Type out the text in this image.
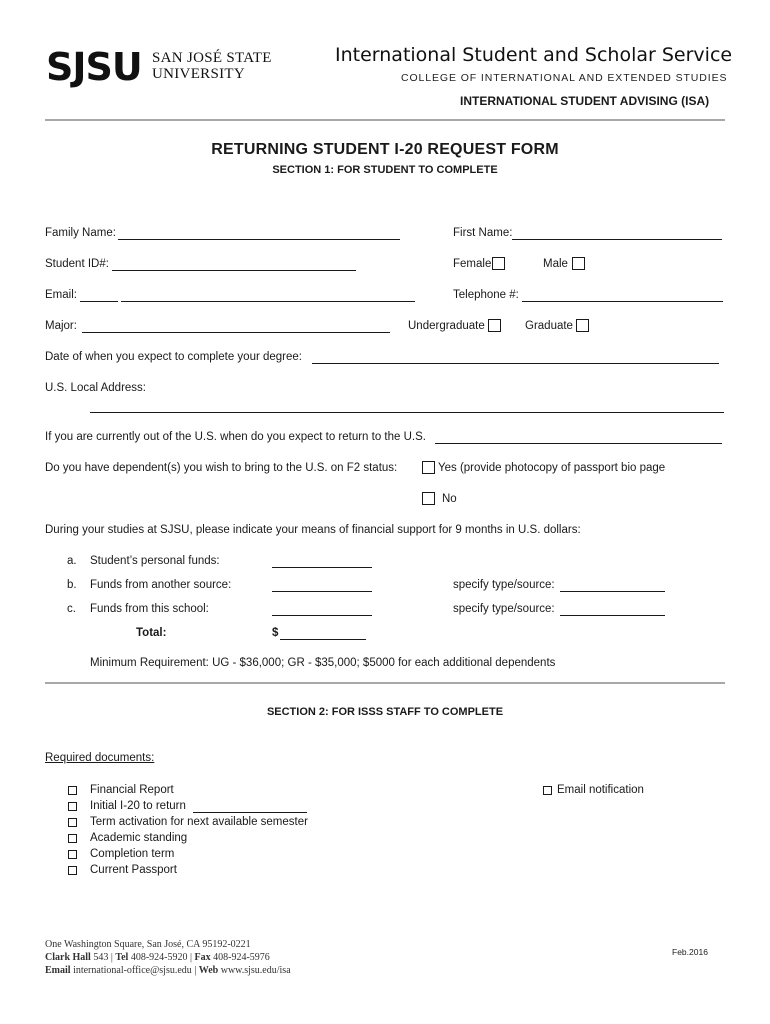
SJSU SAN JOSÉ STATE
UNIVERSITY
International Student and Scholar Service
COLLEGE OF INTERNATIONAL AND EXTENDED STUDIES
INTERNATIONAL STUDENT ADVISING (ISA)
RETURNING STUDENT I-20 REQUEST FORM
SECTION 1: FOR STUDENT TO COMPLETE
Family Name:	First Name:
Student ID#:	Female	Male
Email:	Telephone #:
Major:	Undergraduate	Graduate
Date of when you expect to complete your degree:
U.S. Local Address:
If you are currently out of the U.S. when do you expect to return to the U.S.
Do you have dependent(s) you wish to bring to the U.S. on F2 status:	Yes (provide photocopy of passport bio page
No
During your studies at SJSU, please indicate your means of financial support for 9 months in U.S. dollars:
a. Student’s personal funds:
b. Funds from another source:	specify type/source:
c. Funds from this school:	specify type/source:
Total:	$
Minimum Requirement: UG - $36,000; GR - $35,000; $5000 for each additional dependents
SECTION 2: FOR ISSS STAFF TO COMPLETE
Required documents:
Financial Report
Initial I-20 to return
Term activation for next available semester
Academic standing
Completion term
Current Passport
Email notification
One Washington Square, San José, CA 95192-0221
Clark Hall 543 | Tel 408-924-5920 | Fax 408-924-5976
Email international-office@sjsu.edu | Web www.sjsu.edu/isa
Feb.2016
